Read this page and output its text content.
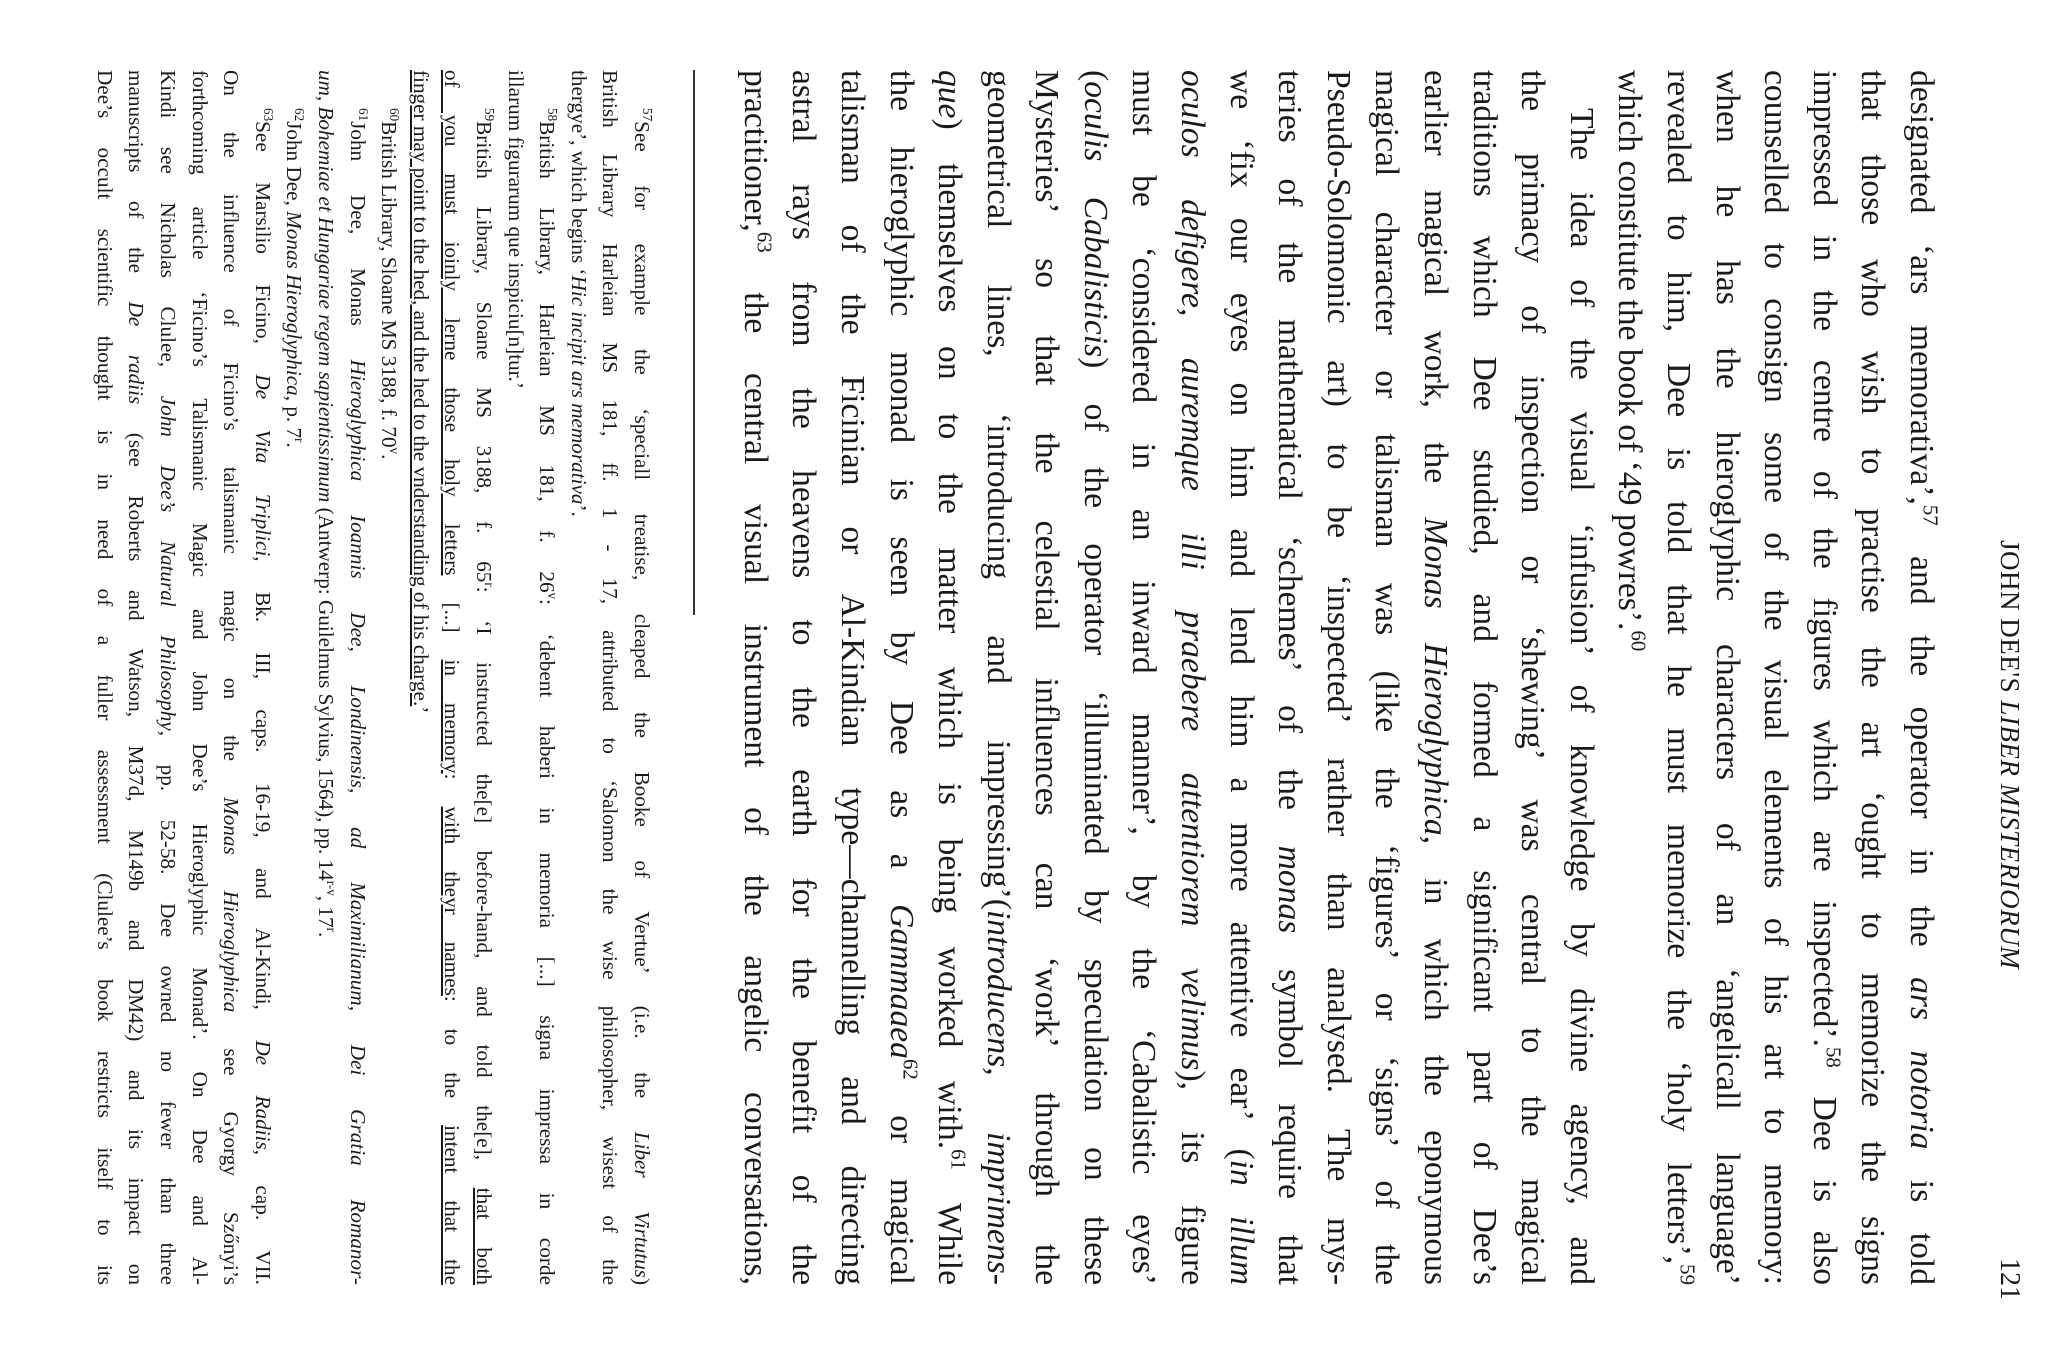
JOHN DEE'S LIBER MISTERIORUM
121
designated ‘ars memorativa’,$^{57}$ and the operator in the ars notoria is told
that those who wish to practise the art ‘ought to memorize the signs
impressed in the centre of the figures which are inspected’.$^{58}$ Dee is also
counselled to consign some of the visual elements of his art to memory:
when he has the hieroglyphic characters of an ‘angelicall language’
revealed to him, Dee is told that he must memorize the ‘holy letters’,$^{59}$
which constitute the book of ‘49 powres’.$^{60}$
The idea of the visual ‘infusion’ of knowledge by divine agency, and
the primacy of inspection or ‘shewing’ was central to the magical
traditions which Dee studied, and formed a significant part of Dee’s
earlier magical work, the Monas Hieroglyphica, in which the eponymous
magical character or talisman was (like the ‘figures’ or ‘signs’ of the
Pseudo-Solomonic art) to be ‘inspected’ rather than analysed. The mys-
teries of the mathematical ‘schemes’ of the monas symbol require that
we ‘fix our eyes on him and lend him a more attentive ear’ (in illum
oculos defigere, auremque illi praebere attentiorem velimus), its figure
must be ‘considered in an inward manner’, by the ‘Cabalistic eyes’
(oculis Cabalisticis) of the operator ‘illuminated by speculation on these
Mysteries’ so that the celestial influences can ‘work’ through the
geometrical lines, ‘introducing and impressing’(introducens, imprimens-
que) themselves on to the matter which is being worked with.$^{61}$ While
the hieroglyphic monad is seen by Dee as a Gammaaea$^{62}$ or magical
talisman of the Ficinian or Al-Kindian type—channelling and directing
astral rays from the heavens to the earth for the benefit of the
practitioner,$^{63}$ the central visual instrument of the angelic conversations,
$^{57}$See for example the ‘speciall treatise, cleaped the Booke of Vertue’ (i.e. the Liber Virtutus)
British Library Harleian MS 181, ff. 1 - 17, attributed to ‘Salomon the wise philosopher, wisest of the
thergye’, which begins ‘Hic incipit ars memorativa’.
$^{58}$British Library, Harleian MS 181, f. 26$^v$: ‘debent haberi in memoria [...] signa impressa in corde
illarum figurarum que inspiciu[n]tur.’
$^{59}$British Library, Sloane MS 3188, f. 65$^r$: ‘I instructed the[e] before-hand, and told the[e], that both
of you must ioinly lerne those holy letters [...] in memory: with theyr names: to the intent that the
finger may point to the hed, and the hed to the vnderstanding of his charge.’
$^{60}$British Library, Sloane MS 3188, f. 70$^v$.
$^{61}$John Dee, Monas Hieroglyphica Ioannis Dee, Londinensis, ad Maximilianum, Dei Gratia Romanor-
um, Bohemiae et Hungariae regem sapientissimum (Antwerp: Guilelmus Sylvius, 1564), pp. 14$^{r-v}$, 17$^r$.
$^{62}$John Dee, Monas Hieroglyphica, p. 7$^r$.
$^{63}$See Marsilio Ficino, De Vita Triplici, Bk. III, caps. 16-19, and Al-Kindi, De Radiis, cap. VII.
On the influence of Ficino’s talismanic magic on the Monas Hieroglyphica see Gyorgy Szőnyi’s
forthcoming article ‘Ficino’s Talismanic Magic and John Dee’s Hieroglyphic Monad’. On Dee and Al-
Kindi see Nicholas Clulee, John Dee’s Natural Philosophy, pp. 52-58. Dee owned no fewer than three
manuscripts of the De radiis (see Roberts and Watson, M37d, M149b and DM42) and its impact on
Dee’s occult scientific thought is in need of a fuller assessment (Clulee’s book restricts itself to its
